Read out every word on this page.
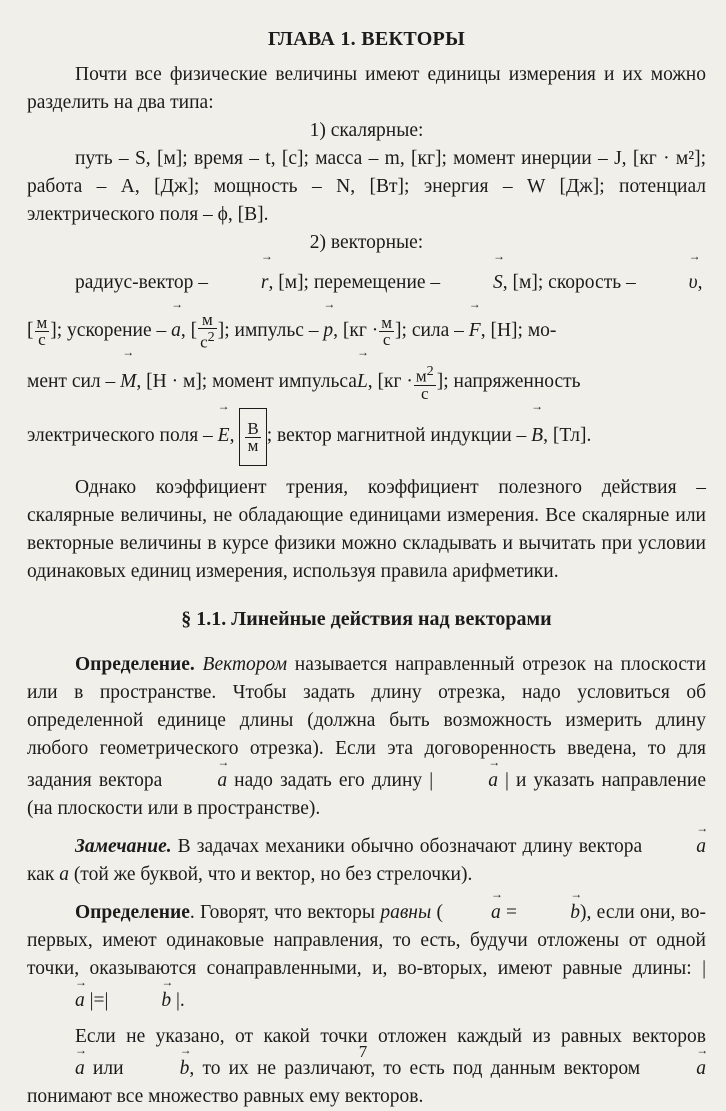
ГЛАВА 1. ВЕКТОРЫ

Почти все физические величины имеют единицы измерения и их можно разделить на два типа:

1) скалярные:

путь – S, [м]; время – t, [с]; масса – m, [кг]; момент инерции – J, [кг · м²]; работа – A, [Дж]; мощность – N, [Вт]; энергия – W [Дж]; потенциал электрического поля – ϕ, [В].

2) векторные:

радиус-вектор –
→
r, [м]; перемещение –
→
S, [м]; скорость –
→
υ,

[ $\frac{м}{с}$ ]; ускорение –
→
a, [ $\frac{м}{с^2}$ ]; импульс –
→
p, [$кг \cdot \frac{м}{с}$ ]; сила –
→
F, [Н]; мо-

мент сил –
→
M, [Н · м]; момент импульса
→
L, [$кг \cdot \frac{м^2}{с}$ ]; напряженность

электрического поля –
→
E, $\frac{В}{м}$ ; вектор магнитной индукции –
→
B, [Тл].

Однако коэффициент трения, коэффициент полезного действия – скалярные величины, не обладающие единицами измерения. Все скалярные или векторные величины в курсе физики можно складывать и вычитать при условии одинаковых единиц измерения, используя правила арифметики.

§ 1.1. Линейные действия над векторами

Определение. Вектором называется направленный отрезок на плоскости или в пространстве. Чтобы задать длину отрезка, надо условиться об определенной единице длины (должна быть возможность измерить длину любого геометрического отрезка). Если эта договоренность введена, то для задания вектора
→
a надо задать его длину |
→
a | и указать направление (на плоскости или в пространстве).

Замечание. В задачах механики обычно обозначают длину вектора
→
a как a (той же буквой, что и вектор, но без стрелочки).

Определение. Говорят, что векторы равны (
→
a =
→
b), если они, во-первых, имеют одинаковые направления, то есть, будучи отложены от одной точки, оказываются сонаправленными, и, во-вторых, имеют равные длины: |
→
a |=|
→
b |.

Если не указано, от какой точки отложен каждый из равных векторов
→
a или
→
b, то их не различают, то есть под данным вектором
→
a понимают все множество равных ему векторов.

7
